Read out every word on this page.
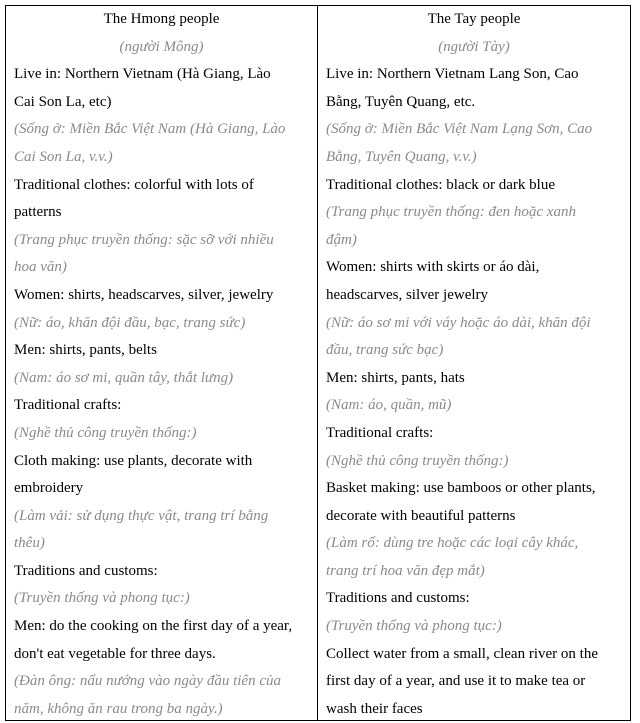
The Hmong people
(người Mông)
Live in: Northern Vietnam (Hà Giang, Lào
Cai Son La, etc)
(Sống ở: Miền Bắc Việt Nam (Hà Giang, Lào
Cai Son La, v.v.)
Traditional clothes: colorful with lots of
patterns
(Trang phục truyền thống: sặc sỡ với nhiều
hoa văn)
Women: shirts, headscarves, silver, jewelry
(Nữ: áo, khăn đội đầu, bạc, trang sức)
Men: shirts, pants, belts
(Nam: áo sơ mi, quần tây, thắt lưng)
Traditional crafts:
(Nghề thủ công truyền thống:)
Cloth making: use plants, decorate with
embroidery
(Làm vải: sử dụng thực vật, trang trí bằng
thêu)
Traditions and customs:
(Truyền thống và phong tục:)
Men: do the cooking on the first day of a year,
don't eat vegetable for three days.
(Đàn ông: nấu nướng vào ngày đầu tiên của
năm, không ăn rau trong ba ngày.)
The Tay people
(người Tày)
Live in: Northern Vietnam Lang Son, Cao
Bằng, Tuyên Quang, etc.
(Sống ở: Miền Bắc Việt Nam Lạng Sơn, Cao
Bằng, Tuyên Quang, v.v.)
Traditional clothes: black or dark blue
(Trang phục truyền thống: đen hoặc xanh
đậm)
Women: shirts with skirts or áo dài,
headscarves, silver jewelry
(Nữ: áo sơ mi với váy hoặc áo dài, khăn đội
đầu, trang sức bạc)
Men: shirts, pants, hats
(Nam: áo, quần, mũ)
Traditional crafts:
(Nghề thủ công truyền thống:)
Basket making: use bamboos or other plants,
decorate with beautiful patterns
(Làm rổ: dùng tre hoặc các loại cây khác,
trang trí hoa văn đẹp mắt)
Traditions and customs:
(Truyền thống và phong tục:)
Collect water from a small, clean river on the
first day of a year, and use it to make tea or
wash their faces
